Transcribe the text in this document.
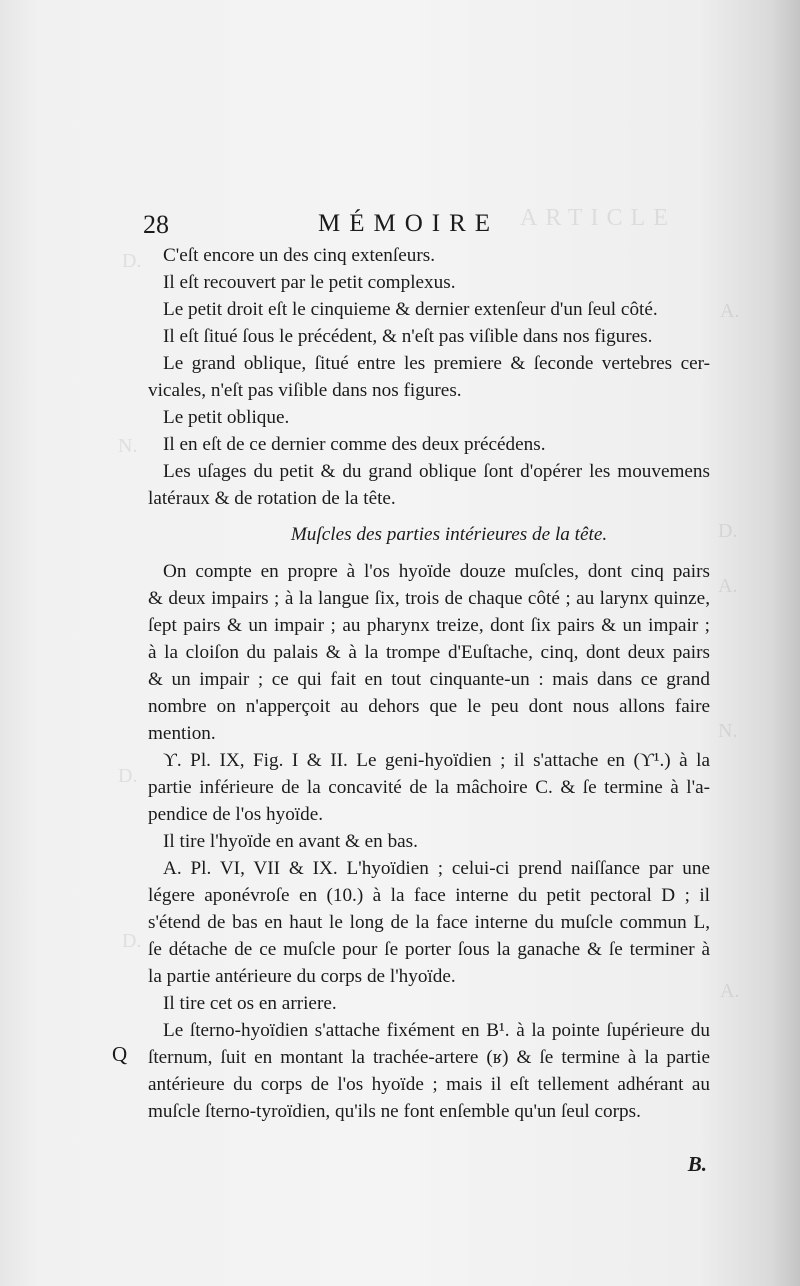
ARTICLE
D.
A.
N.
D.
A.
D.
N.
D.
A.
28	MÉMOIRE
C'eſt encore un des cinq extenſeurs.
Il eſt recouvert par le petit complexus.
Le petit droit eſt le cinquieme & dernier extenſeur d'un ſeul côté.
Il eſt ſitué ſous le précédent, & n'eſt pas viſible dans nos figures.
Le grand oblique, ſitué entre les premiere & ſeconde vertebres cer-
vicales, n'eſt pas viſible dans nos figures.
Le petit oblique.
Il en eſt de ce dernier comme des deux précédens.
Les uſages du petit & du grand oblique ſont d'opérer les mouvemens
latéraux & de rotation de la tête.
Muſcles des parties intérieures de la tête.
On compte en propre à l'os hyoïde douze muſcles, dont cinq pairs
& deux impairs ; à la langue ſix, trois de chaque côté ; au larynx quinze,
ſept pairs & un impair ; au pharynx treize, dont ſix pairs & un impair ;
à la cloiſon du palais & à la trompe d'Euſtache, cinq, dont deux pairs
& un impair ; ce qui fait en tout cinquante-un : mais dans ce grand
nombre on n'apperçoit au dehors que le peu dont nous allons faire
mention.
ϒ. Pl. IX, Fig. I & II. Le geni-hyoïdien ; il s'attache en (ϒ¹.) à la
partie inférieure de la concavité de la mâchoire C. & ſe termine à l'a-
pendice de l'os hyoïde.
Il tire l'hyoïde en avant & en bas.
A. Pl. VI, VII & IX. L'hyoïdien ; celui-ci prend naiſſance par une
légere aponévroſe en (10.) à la face interne du petit pectoral D ; il
s'étend de bas en haut le long de la face interne du muſcle commun L,
ſe détache de ce muſcle pour ſe porter ſous la ganache & ſe terminer à
la partie antérieure du corps de l'hyoïde.
Il tire cet os en arriere.
Le ſterno-hyoïdien s'attache fixément en B¹. à la pointe ſupérieure du
ſternum, ſuit en montant la trachée-artere (ʁ) & ſe termine à la partie
antérieure du corps de l'os hyoïde ; mais il eſt tellement adhérant au
muſcle ſterno-tyroïdien, qu'ils ne font enſemble qu'un ſeul corps.
Q
B.
